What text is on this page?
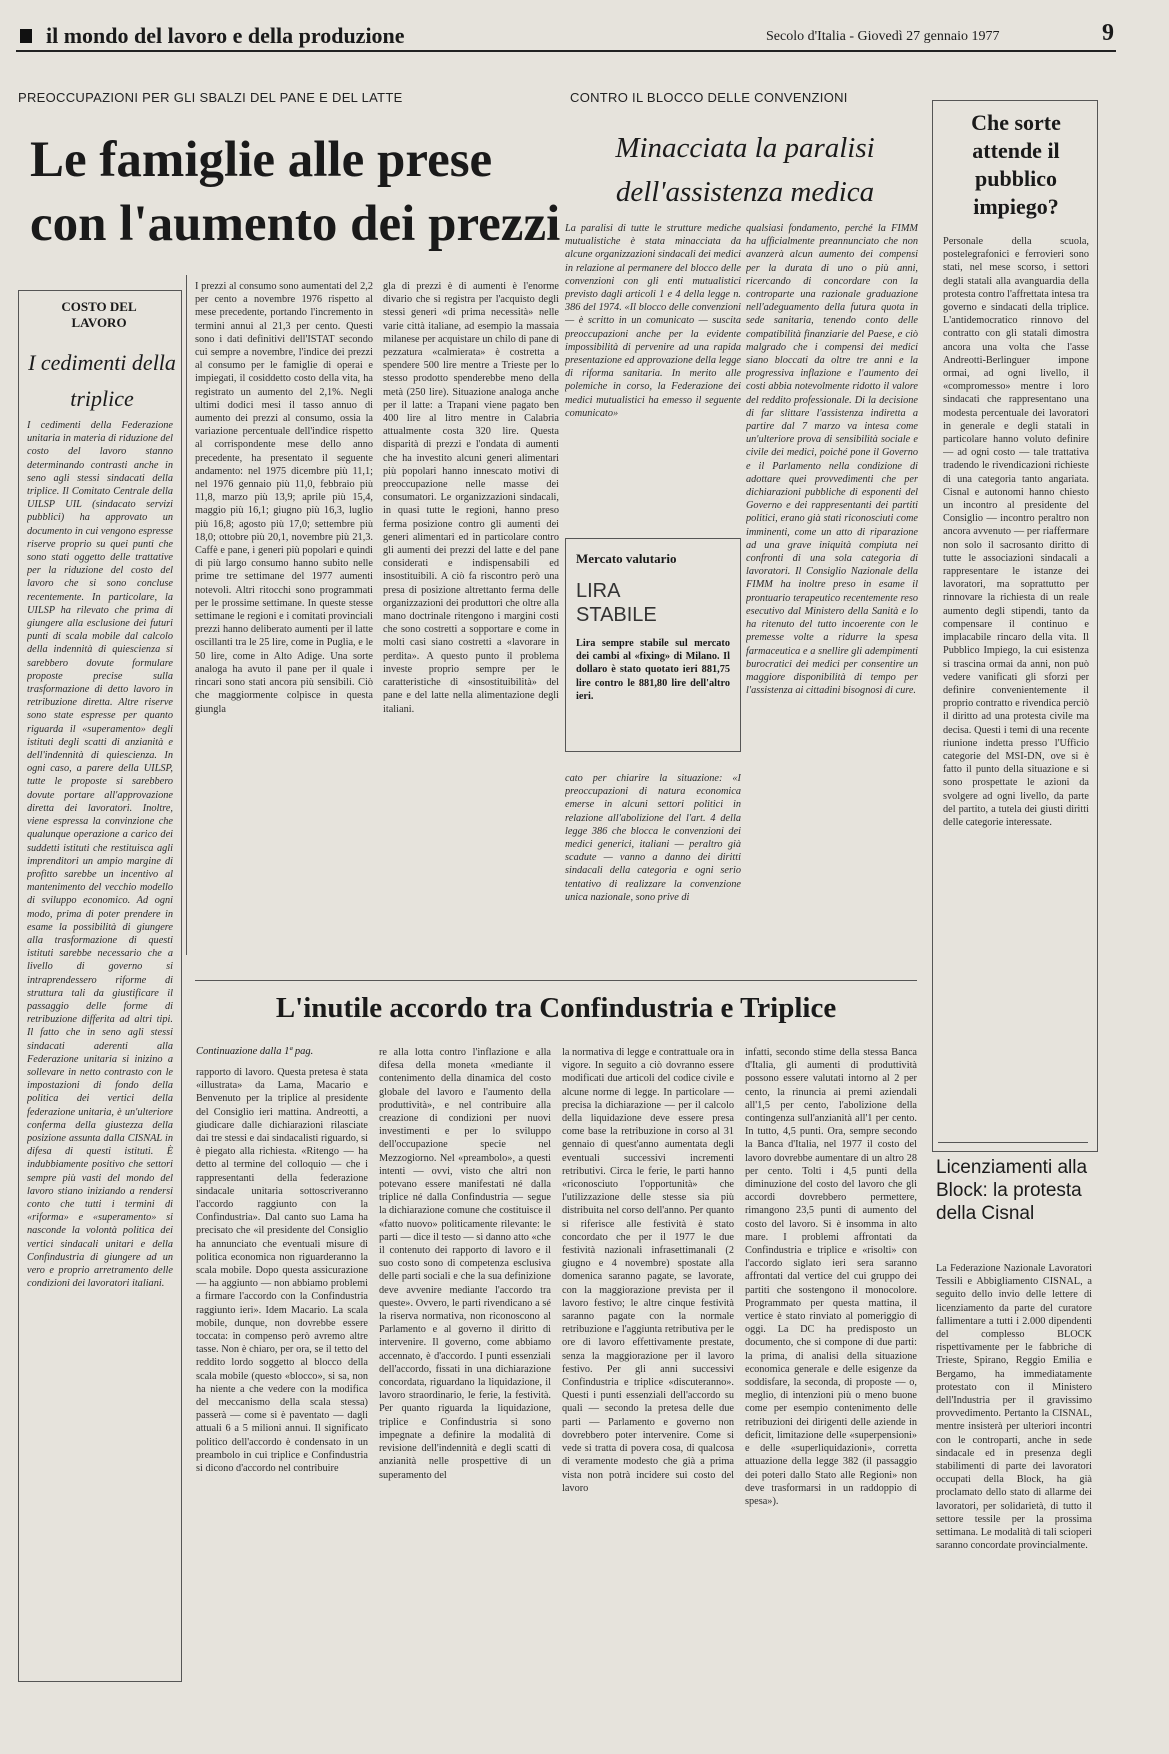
il mondo del lavoro e della produzione	Secolo d'Italia - Giovedì 27 gennaio 1977	9
PREOCCUPAZIONI PER GLI SBALZI DEL PANE E DEL LATTE
Le famiglie alle prese con l'aumento dei prezzi
I prezzi al consumo sono aumentati del 2,2 per cento a novembre 1976 rispetto al mese precedente, portando l'incremento in termini annui al 21,3 per cento. Questi sono i dati definitivi dell'ISTAT secondo cui sempre a novembre, l'indice dei prezzi al consumo per le famiglie di operai e impiegati, il cosiddetto costo della vita, ha registrato un aumento del 2,1%. Negli ultimi dodici mesi il tasso annuo di aumento dei prezzi al consumo, ossia la variazione percentuale dell'indice rispetto al corrispondente mese dello anno precedente, ha presentato il seguente andamento: nel 1975 dicembre più 11,1; nel 1976 gennaio più 11,0, febbraio più 11,8, marzo più 13,9; aprile più 15,4, maggio più 16,1; giugno più 16,3, luglio più 16,8; agosto più 17,0; settembre più 18,0; ottobre più 20,1, novembre più 21,3. Caffè e pane, i generi più popolari e quindi di più largo consumo hanno subito nelle prime tre settimane del 1977 aumenti notevoli. Altri ritocchi sono programmati per le prossime settimane. In queste stesse settimane le regioni e i comitati provinciali prezzi hanno deliberato aumenti per il latte oscillanti tra le 25 lire, come in Puglia, e le 50 lire, come in Alto Adige. Una sorte analoga ha avuto il pane per il quale i rincari sono stati ancora più sensibili. Ciò che maggiormente colpisce in questa giungla
gla di prezzi è di aumenti è l'enorme divario che si registra per l'acquisto degli stessi generi «di prima necessità» nelle varie città italiane, ad esempio la massaia milanese per acquistare un chilo di pane di pezzatura «calmierata» è costretta a spendere 500 lire mentre a Trieste per lo stesso prodotto spenderebbe meno della metà (250 lire). Situazione analoga anche per il latte: a Trapani viene pagato ben 400 lire al litro mentre in Calabria attualmente costa 320 lire. Questa disparità di prezzi e l'ondata di aumenti che ha investito alcuni generi alimentari più popolari hanno innescato motivi di preoccupazione nelle masse dei consumatori. Le organizzazioni sindacali, in quasi tutte le regioni, hanno preso ferma posizione contro gli aumenti dei generi alimentari ed in particolare contro gli aumenti dei prezzi del latte e del pane considerati e indispensabili ed insostituibili. A ciò fa riscontro però una presa di posizione altrettanto ferma delle organizzazioni dei produttori che oltre alla mano doctrinale ritengono i margini costi che sono costretti a sopportare e come in molti casi siano costretti a «lavorare in perdita». A questo punto il problema investe proprio sempre per le caratteristiche di «insostituibilità» del pane e del latte nella alimentazione degli italiani.
COSTO DEL LAVORO
I cedimenti della triplice
I cedimenti della Federazione unitaria in materia di riduzione del costo del lavoro stanno determinando contrasti anche in seno agli stessi sindacati della triplice. Il Comitato Centrale della UILSP UIL (sindacato servizi pubblici) ha approvato un documento in cui vengono espresse riserve proprio su quei punti che sono stati oggetto delle trattative per la riduzione del costo del lavoro che si sono concluse recentemente. In particolare, la UILSP ha rilevato che prima di giungere alla esclusione dei futuri punti di scala mobile dal calcolo della indennità di quiescienza si sarebbero dovute formulare proposte precise sulla trasformazione di detto lavoro in retribuzione diretta. Altre riserve sono state espresse per quanto riguarda il «superamento» degli istituti degli scatti di anzianità e dell'indennità di quiescienza. In ogni caso, a parere della UILSP, tutte le proposte si sarebbero dovute portare all'approvazione diretta dei lavoratori. Inoltre, viene espressa la convinzione che qualunque operazione a carico dei suddetti istituti che restituisca agli imprenditori un ampio margine di profitto sarebbe un incentivo al mantenimento del vecchio modello di sviluppo economico. Ad ogni modo, prima di poter prendere in esame la possibilità di giungere alla trasformazione di questi istituti sarebbe necessario che a livello di governo si intraprendessero riforme di struttura tali da giustificare il passaggio delle forme di retribuzione differita ad altri tipi. Il fatto che in seno agli stessi sindacati aderenti alla Federazione unitaria si inizino a sollevare in netto contrasto con le impostazioni di fondo della politica dei vertici della federazione unitaria, è un'ulteriore conferma della giustezza della posizione assunta dalla CISNAL in difesa di questi istituti. È indubbiamente positivo che settori sempre più vasti del mondo del lavoro stiano iniziando a rendersi conto che tutti i termini di «riforma» e «superamento» si nasconde la volontà politica dei vertici sindacali unitari e della Confindustria di giungere ad un vero e proprio arretramento delle condizioni dei lavoratori italiani.
CONTRO IL BLOCCO DELLE CONVENZIONI
Minacciata la paralisi dell'assistenza medica
La paralisi di tutte le strutture mediche mutualistiche è stata minacciata da alcune organizzazioni sindacali dei medici in relazione al permanere del blocco delle convenzioni con gli enti mutualistici previsto dagli articoli 1 e 4 della legge n. 386 del 1974. «Il blocco delle convenzioni — è scritto in un comunicato — suscita preoccupazioni anche per la evidente impossibilità di pervenire ad una rapida presentazione ed approvazione della legge di riforma sanitaria. In merito alle polemiche in corso, la Federazione dei medici mutualistici ha emesso il seguente comunicato»
Mercato valutario
LIRA STABILE
Lira sempre stabile sul mercato dei cambi al «fixing» di Milano. Il dollaro è stato quotato ieri 881,75 lire contro le 881,80 lire dell'altro ieri.
cato per chiarire la situazione: «I preoccupazioni di natura economica emerse in alcuni settori politici in relazione all'abolizione del l'art. 4 della legge 386 che blocca le convenzioni dei medici generici, italiani — peraltro già scadute — vanno a danno dei diritti sindacali della categoria e ogni serio tentativo di realizzare la convenzione unica nazionale, sono prive di
qualsiasi fondamento, perché la FIMM ha ufficialmente preannunciato che non avanzerà alcun aumento dei compensi per la durata di uno o più anni, ricercando di concordare con la controparte una razionale graduazione nell'adeguamento della futura quota in sede sanitaria, tenendo conto delle compatibilità finanziarie del Paese, e ciò malgrado che i compensi dei medici siano bloccati da oltre tre anni e la progressiva inflazione e l'aumento dei costi abbia notevolmente ridotto il valore del reddito professionale. Di la decisione di far slittare l'assistenza indiretta a partire dal 7 marzo va intesa come un'ulteriore prova di sensibilità sociale e civile dei medici, poiché pone il Governo e il Parlamento nella condizione di adottare quei provvedimenti che per dichiarazioni pubbliche di esponenti del Governo e dei rappresentanti dei partiti politici, erano già stati riconosciuti come imminenti, come un atto di riparazione ad una grave iniquità compiuta nei confronti di una sola categoria di lavoratori. Il Consiglio Nazionale della FIMM ha inoltre preso in esame il prontuario terapeutico recentemente reso esecutivo dal Ministero della Sanità e lo ha ritenuto del tutto incoerente con le premesse volte a ridurre la spesa farmaceutica e a snellire gli adempimenti burocratici dei medici per consentire un maggiore disponibilità di tempo per l'assistenza ai cittadini bisognosi di cure.
Che sorte attende il pubblico impiego?
Personale della scuola, postelegrafonici e ferrovieri sono stati, nel mese scorso, i settori degli statali alla avanguardia della protesta contro l'affrettata intesa tra governo e sindacati della triplice. L'antidemocratico rinnovo del contratto con gli statali dimostra ancora una volta che l'asse Andreotti-Berlinguer impone ormai, ad ogni livello, il «compromesso» mentre i loro sindacati che rappresentano una modesta percentuale dei lavoratori in generale e degli statali in particolare hanno voluto definire — ad ogni costo — tale trattativa tradendo le rivendicazioni richieste di una categoria tanto angariata. Cisnal e autonomi hanno chiesto un incontro al presidente del Consiglio — incontro peraltro non ancora avvenuto — per riaffermare non solo il sacrosanto diritto di tutte le associazioni sindacali a rappresentare le istanze dei lavoratori, ma soprattutto per rinnovare la richiesta di un reale aumento degli stipendi, tanto da compensare il continuo e implacabile rincaro della vita. Il Pubblico Impiego, la cui esistenza si trascina ormai da anni, non può vedere vanificati gli sforzi per definire convenientemente il proprio contratto e rivendica perciò il diritto ad una protesta civile ma decisa. Questi i temi di una recente riunione indetta presso l'Ufficio categorie del MSI-DN, ove si è fatto il punto della situazione e si sono prospettate le azioni da svolgere ad ogni livello, da parte del partito, a tutela dei giusti diritti delle categorie interessate.
Licenziamenti alla Block: la protesta della Cisnal
La Federazione Nazionale Lavoratori Tessili e Abbigliamento CISNAL, a seguito dello invio delle lettere di licenziamento da parte del curatore fallimentare a tutti i 2.000 dipendenti del complesso BLOCK rispettivamente per le fabbriche di Trieste, Spirano, Reggio Emilia e Bergamo, ha immediatamente protestato con il Ministero dell'Industria per il gravissimo provvedimento. Pertanto la CISNAL, mentre insisterà per ulteriori incontri con le controparti, anche in sede sindacale ed in presenza degli stabilimenti di parte dei lavoratori occupati della Block, ha già proclamato dello stato di allarme dei lavoratori, per solidarietà, di tutto il settore tessile per la prossima settimana. Le modalità di tali scioperi saranno concordate provincialmente.
L'inutile accordo tra Confindustria e Triplice
Continuazione dalla 1ª pag.
rapporto di lavoro. Questa pretesa è stata «illustrata» da Lama, Macario e Benvenuto per la triplice al presidente del Consiglio ieri mattina. Andreotti, a giudicare dalle dichiarazioni rilasciate dai tre stessi e dai sindacalisti riguardo, si è piegato alla richiesta. «Ritengo — ha detto al termine del colloquio — che i rappresentanti della federazione sindacale unitaria sottoscriveranno l'accordo raggiunto con la Confindustria». Dal canto suo Lama ha precisato che «il presidente del Consiglio ha annunciato che eventuali misure di politica economica non riguarderanno la scala mobile. Dopo questa assicurazione — ha aggiunto — non abbiamo problemi a firmare l'accordo con la Confindustria raggiunto ieri». Idem Macario. La scala mobile, dunque, non dovrebbe essere toccata: in compenso però avremo altre tasse. Non è chiaro, per ora, se il tetto del reddito lordo soggetto al blocco della scala mobile (questo «blocco», si sa, non ha niente a che vedere con la modifica del meccanismo della scala stessa) passerà — come si è paventato — dagli attuali 6 a 5 milioni annui. Il significato politico dell'accordo è condensato in un preambolo in cui triplice e Confindustria si dicono d'accordo nel contribuire
re alla lotta contro l'inflazione e alla difesa della moneta «mediante il contenimento della dinamica del costo globale del lavoro e l'aumento della produttività», e nel contribuire alla creazione di condizioni per nuovi investimenti e per lo sviluppo dell'occupazione specie nel Mezzogiorno. Nel «preambolo», a questi intenti — ovvi, visto che altri non potevano essere manifestati né dalla triplice né dalla Confindustria — segue la dichiarazione comune che costituisce il «fatto nuovo» politicamente rilevante: le parti — dice il testo — si danno atto «che il contenuto dei rapporto di lavoro e il suo costo sono di competenza esclusiva delle parti sociali e che la sua definizione deve avvenire mediante l'accordo tra queste». Ovvero, le parti rivendicano a sé la riserva normativa, non riconoscono al Parlamento e al governo il diritto di intervenire. Il governo, come abbiamo accennato, è d'accordo. I punti essenziali dell'accordo, fissati in una dichiarazione concordata, riguardano la liquidazione, il lavoro straordinario, le ferie, la festività. Per quanto riguarda la liquidazione, triplice e Confindustria si sono impegnate a definire la modalità di revisione dell'indennità e degli scatti di anzianità nelle prospettive di un superamento del
la normativa di legge e contrattuale ora in vigore. In seguito a ciò dovranno essere modificati due articoli del codice civile e alcune norme di legge. In particolare — precisa la dichiarazione — per il calcolo della liquidazione deve essere presa come base la retribuzione in corso al 31 gennaio di quest'anno aumentata degli eventuali successivi incrementi retributivi. Circa le ferie, le parti hanno «riconosciuto l'opportunità» che l'utilizzazione delle stesse sia più distribuita nel corso dell'anno. Per quanto si riferisce alle festività è stato concordato che per il 1977 le due festività nazionali infrasettimanali (2 giugno e 4 novembre) spostate alla domenica saranno pagate, se lavorate, con la maggiorazione prevista per il lavoro festivo; le altre cinque festività saranno pagate con la normale retribuzione e l'aggiunta retributiva per le ore di lavoro effettivamente prestate, senza la maggiorazione per il lavoro festivo. Per gli anni successivi Confindustria e triplice «discuteranno». Questi i punti essenziali dell'accordo su quali — secondo la pretesa delle due parti — Parlamento e governo non dovrebbero poter intervenire. Come si vede si tratta di povera cosa, di qualcosa di veramente modesto che già a prima vista non potrà incidere sui costo del lavoro
infatti, secondo stime della stessa Banca d'Italia, gli aumenti di produttività possono essere valutati intorno al 2 per cento, la rinuncia ai premi aziendali all'1,5 per cento, l'abolizione della contingenza sull'anzianità all'1 per cento. In tutto, 4,5 punti. Ora, sempre secondo la Banca d'Italia, nel 1977 il costo del lavoro dovrebbe aumentare di un altro 28 per cento. Tolti i 4,5 punti della diminuzione del costo del lavoro che gli accordi dovrebbero permettere, rimangono 23,5 punti di aumento del costo del lavoro. Si è insomma in alto mare. I problemi affrontati da Confindustria e triplice e «risolti» con l'accordo siglato ieri sera saranno affrontati dal vertice del cui gruppo dei partiti che sostengono il monocolore. Programmato per questa mattina, il vertice è stato rinviato al pomeriggio di oggi. La DC ha predisposto un documento, che si compone di due parti: la prima, di analisi della situazione economica generale e delle esigenze da soddisfare, la seconda, di proposte — o, meglio, di intenzioni più o meno buone come per esempio contenimento delle retribuzioni dei dirigenti delle aziende in deficit, limitazione delle «superpensioni» e delle «superliquidazioni», corretta attuazione della legge 382 (il passaggio dei poteri dallo Stato alle Regioni» non deve trasformarsi in un raddoppio di spesa»).
